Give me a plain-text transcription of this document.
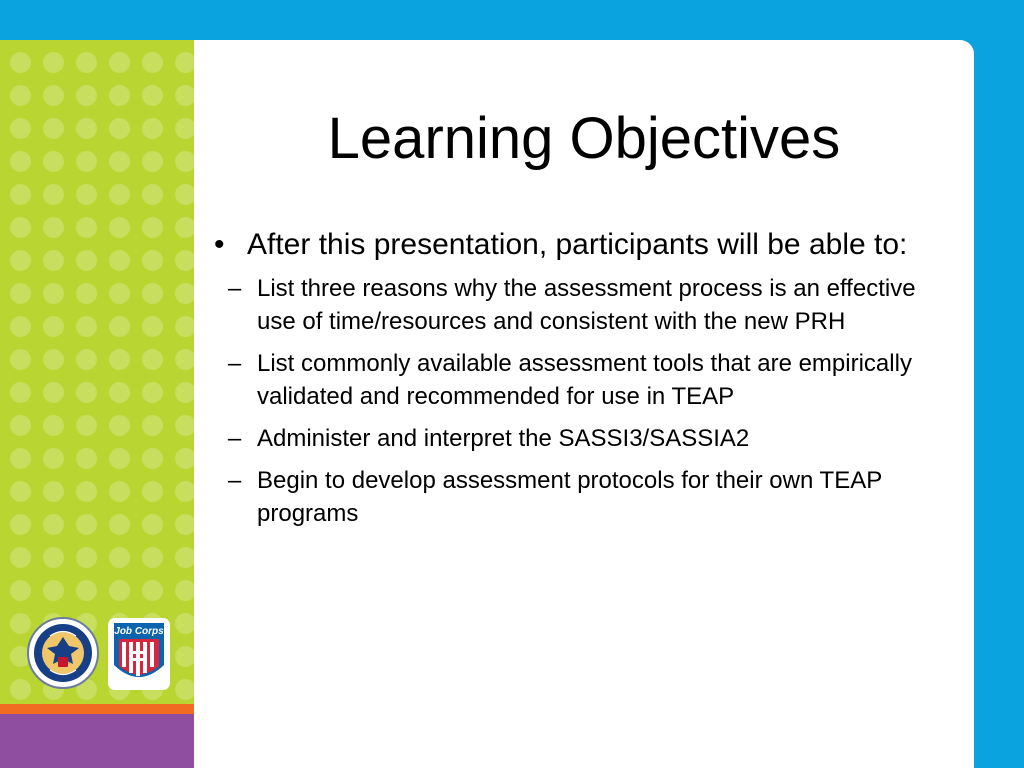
Learning Objectives
• After this presentation, participants will be able to:
– List three reasons why the assessment process is an effective use of time/resources and consistent with the new PRH
– List commonly available assessment tools that are empirically validated and recommended for use in TEAP
– Administer and interpret the SASSI3/SASSIA2
– Begin to develop assessment protocols for their own TEAP programs
Job Corps
